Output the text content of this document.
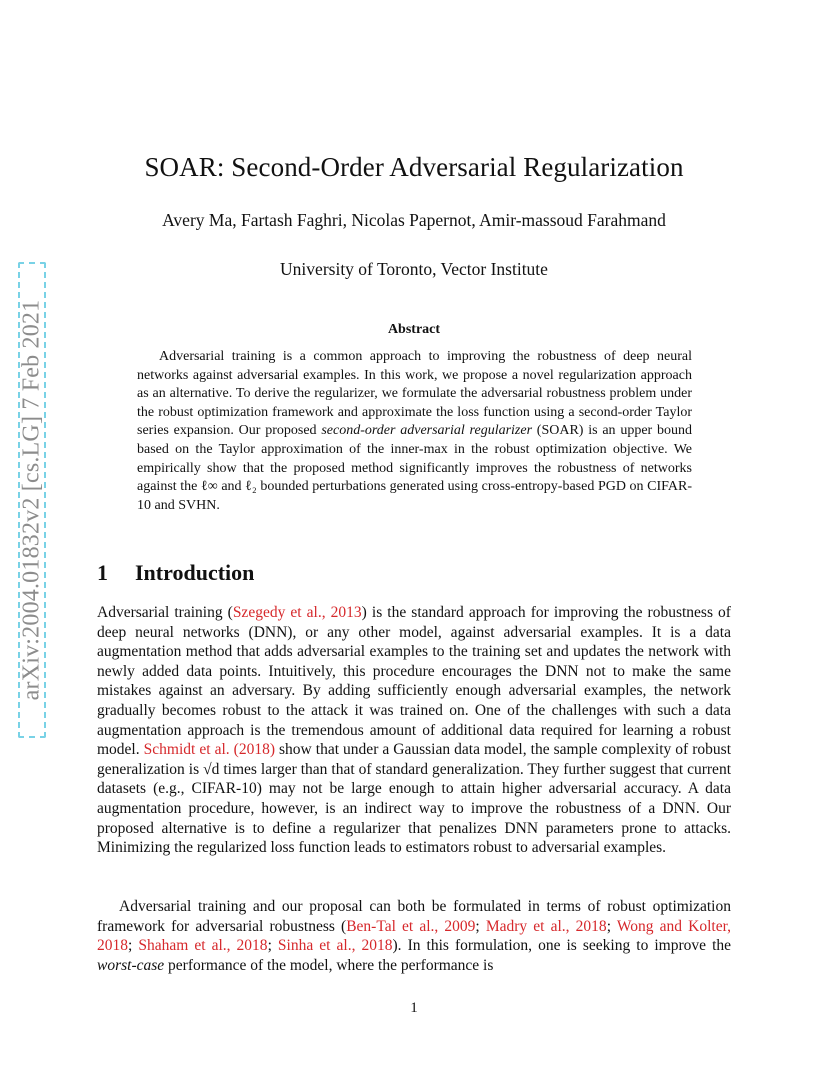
arXiv:2004.01832v2 [cs.LG] 7 Feb 2021
SOAR: Second-Order Adversarial Regularization
Avery Ma, Fartash Faghri, Nicolas Papernot, Amir-massoud Farahmand
University of Toronto, Vector Institute
Abstract

Adversarial training is a common approach to improving the robustness of deep neural networks against adversarial examples. In this work, we propose a novel regularization approach as an alternative. To derive the regularizer, we formulate the adversarial robustness problem under the robust optimization framework and approximate the loss function using a second-order Taylor series expansion. Our proposed second-order adversarial regularizer (SOAR) is an upper bound based on the Taylor approximation of the inner-max in the robust optimization objective. We empirically show that the proposed method significantly improves the robustness of networks against the ℓ∞ and ℓ₂ bounded perturbations generated using cross-entropy-based PGD on CIFAR-10 and SVHN.

1 Introduction

Adversarial training (Szegedy et al., 2013) is the standard approach for improving the robustness of deep neural networks (DNN), or any other model, against adversarial examples. It is a data augmentation method that adds adversarial examples to the training set and updates the network with newly added data points. Intuitively, this procedure encourages the DNN not to make the same mistakes against an adversary. By adding sufficiently enough adversarial examples, the network gradually becomes robust to the attack it was trained on. One of the challenges with such a data augmentation approach is the tremendous amount of additional data required for learning a robust model. Schmidt et al. (2018) show that under a Gaussian data model, the sample complexity of robust generalization is √d times larger than that of standard generalization. They further suggest that current datasets (e.g., CIFAR-10) may not be large enough to attain higher adversarial accuracy. A data augmentation procedure, however, is an indirect way to improve the robustness of a DNN. Our proposed alternative is to define a regularizer that penalizes DNN parameters prone to attacks. Minimizing the regularized loss function leads to estimators robust to adversarial examples.

Adversarial training and our proposal can both be formulated in terms of robust optimization framework for adversarial robustness (Ben-Tal et al., 2009; Madry et al., 2018; Wong and Kolter, 2018; Shaham et al., 2018; Sinha et al., 2018). In this formulation, one is seeking to improve the worst-case performance of the model, where the performance is

1
